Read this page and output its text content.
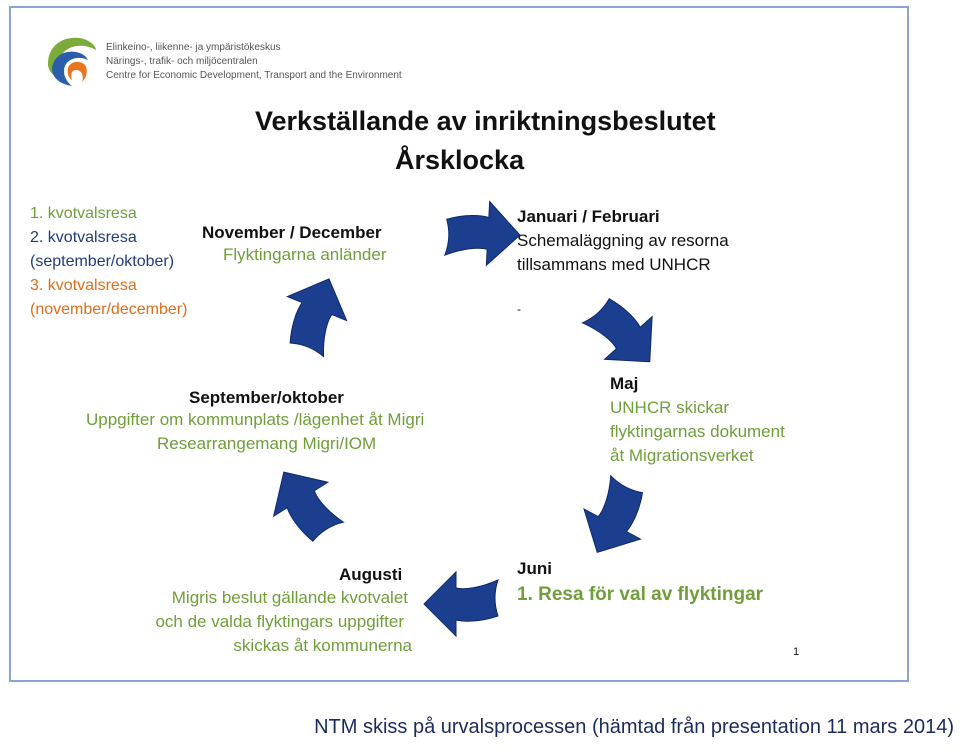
Elinkeino-, liikenne- ja ympäristökeskus
Närings-, trafik- och miljöcentralen
Centre for Economic Development, Transport and the Environment
Verkställande av inriktningsbeslutet
Årsklocka
1. kvotvalsresa
2. kvotvalsresa
(september/oktober)
3. kvotvalsresa
(november/december)
November / December
Flyktingarna anländer
Januari / Februari
Schemaläggning av resorna
tillsammans med UNHCR
-
Maj
UNHCR skickar
flyktingarnas dokument
åt Migrationsverket
Juni
1. Resa för val av flyktingar
Augusti
Migris beslut gällande kvotvalet
och de valda flyktingars uppgifter
skickas åt kommunerna
September/oktober
Uppgifter om kommunplats /lägenhet åt Migri
Researrangemang Migri/IOM
1
NTM skiss på urvalsprocessen (hämtad från presentation 11 mars 2014)
